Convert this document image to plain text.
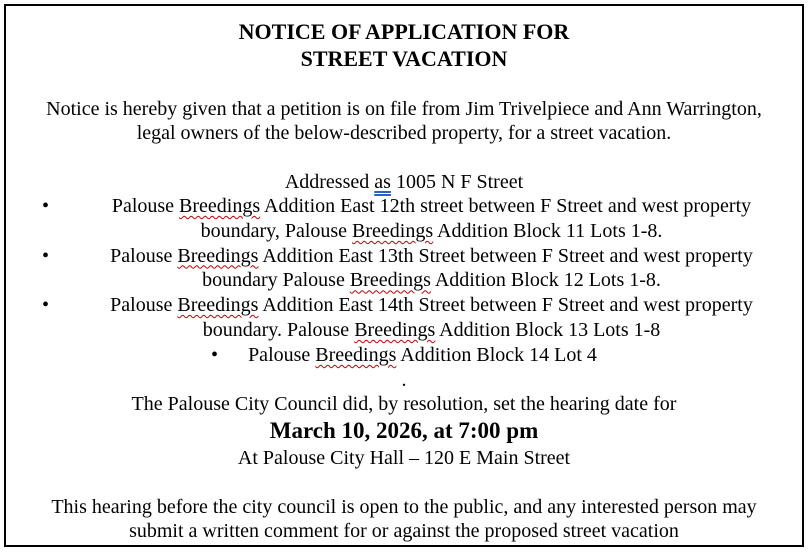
NOTICE OF APPLICATION FOR
STREET VACATION

Notice is hereby given that a petition is on file from Jim Trivelpiece and Ann Warrington,

legal owners of the below-described property, for a street vacation.

Addressed as 1005 N F Street

•	Palouse Breedings Addition East 12th street between F Street and west property
boundary, Palouse Breedings Addition Block 11 Lots 1-8.
•	Palouse Breedings Addition East 13th Street between F Street and west property
boundary Palouse Breedings Addition Block 12 Lots 1-8.
•	Palouse Breedings Addition East 14th Street between F Street and west property
boundary. Palouse Breedings Addition Block 13 Lots 1-8
• Palouse Breedings Addition Block 14 Lot 4

.

The Palouse City Council did, by resolution, set the hearing date for

March 10, 2026, at 7:00 pm

At Palouse City Hall – 120 E Main Street

This hearing before the city council is open to the public, and any interested person may

submit a written comment for or against the proposed street vacation
